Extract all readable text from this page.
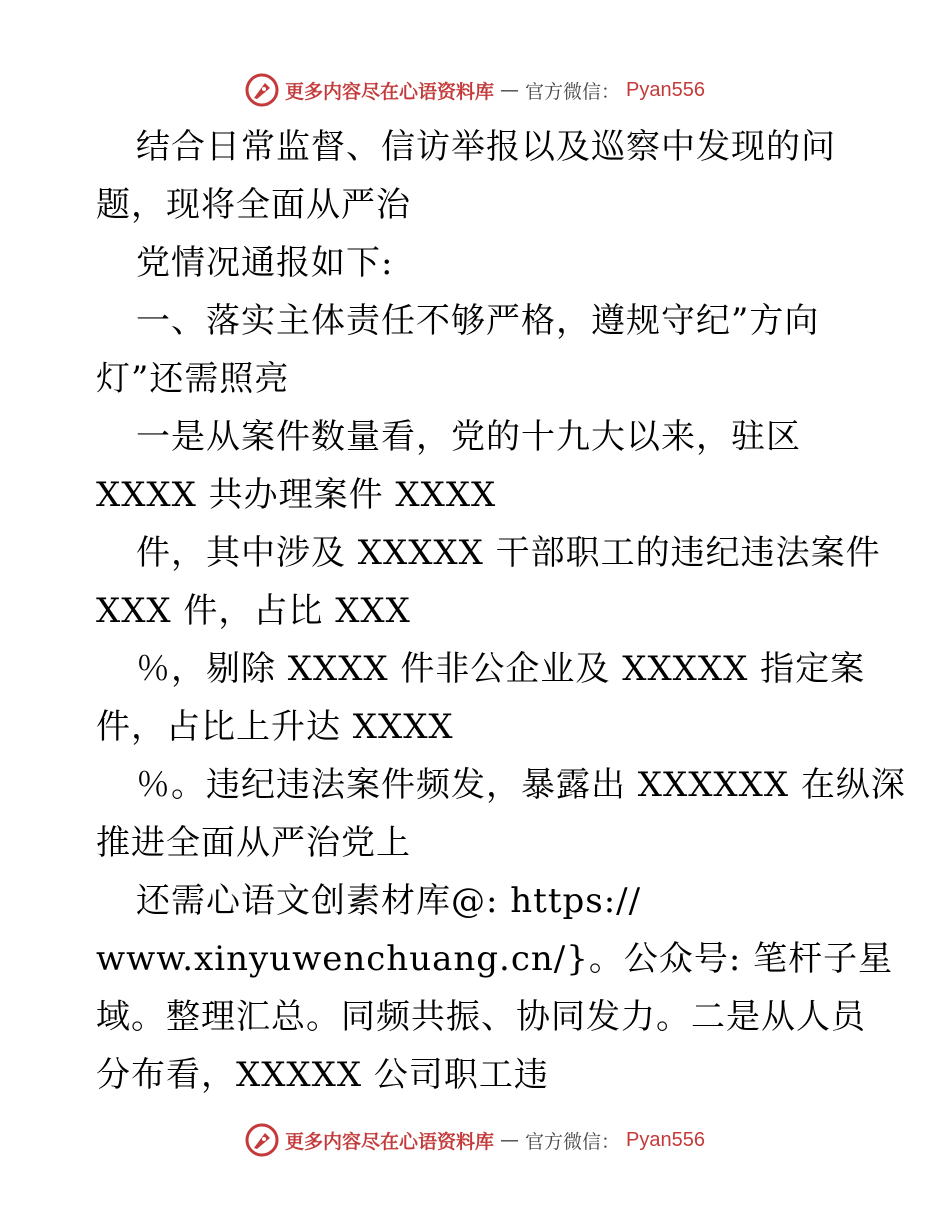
更多内容尽在心语资料库 — 官方微信： Pyan556
结合日常监督、信访举报以及巡察中发现的问
题，现将全面从严治
党情况通报如下:
一、落实主体责任不够严格，遵规守纪”方向
灯”还需照亮
一是从案件数量看，党的十九大以来，驻区
XXXX 共办理案件 XXXX
件，其中涉及 XXXXX 干部职工的违纪违法案件
XXX 件，占比 XXX
％，剔除 XXXX 件非公企业及 XXXXX 指定案
件，占比上升达 XXXX
％。违纪违法案件频发，暴露出 XXXXXX 在纵深
推进全面从严治党上
还需心语文创素材库@: https://
www.xinyuwenchuang.cn/}。公众号: 笔杆子星
域。整理汇总。同频共振、协同发力。二是从人员
分布看，XXXXX 公司职工违
更多内容尽在心语资料库 — 官方微信： Pyan556
